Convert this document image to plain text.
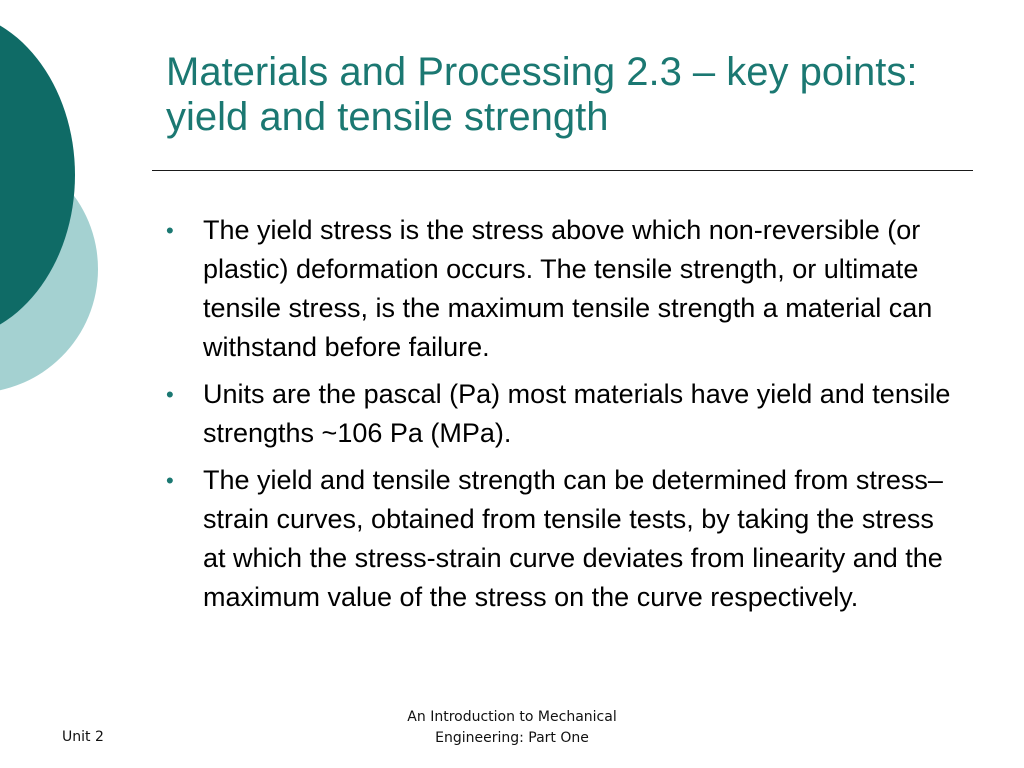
Materials and Processing 2.3 – key points: yield and tensile strength
• The yield stress is the stress above which non-reversible (or plastic) deformation occurs. The tensile strength, or ultimate tensile stress, is the maximum tensile strength a material can withstand before failure.
• Units are the pascal (Pa) most materials have yield and tensile strengths ~106 Pa (MPa).
• The yield and tensile strength can be determined from stress–strain curves, obtained from tensile tests, by taking the stress at which the stress-strain curve deviates from linearity and the maximum value of the stress on the curve respectively.
Unit 2
An Introduction to Mechanical
Engineering: Part One
